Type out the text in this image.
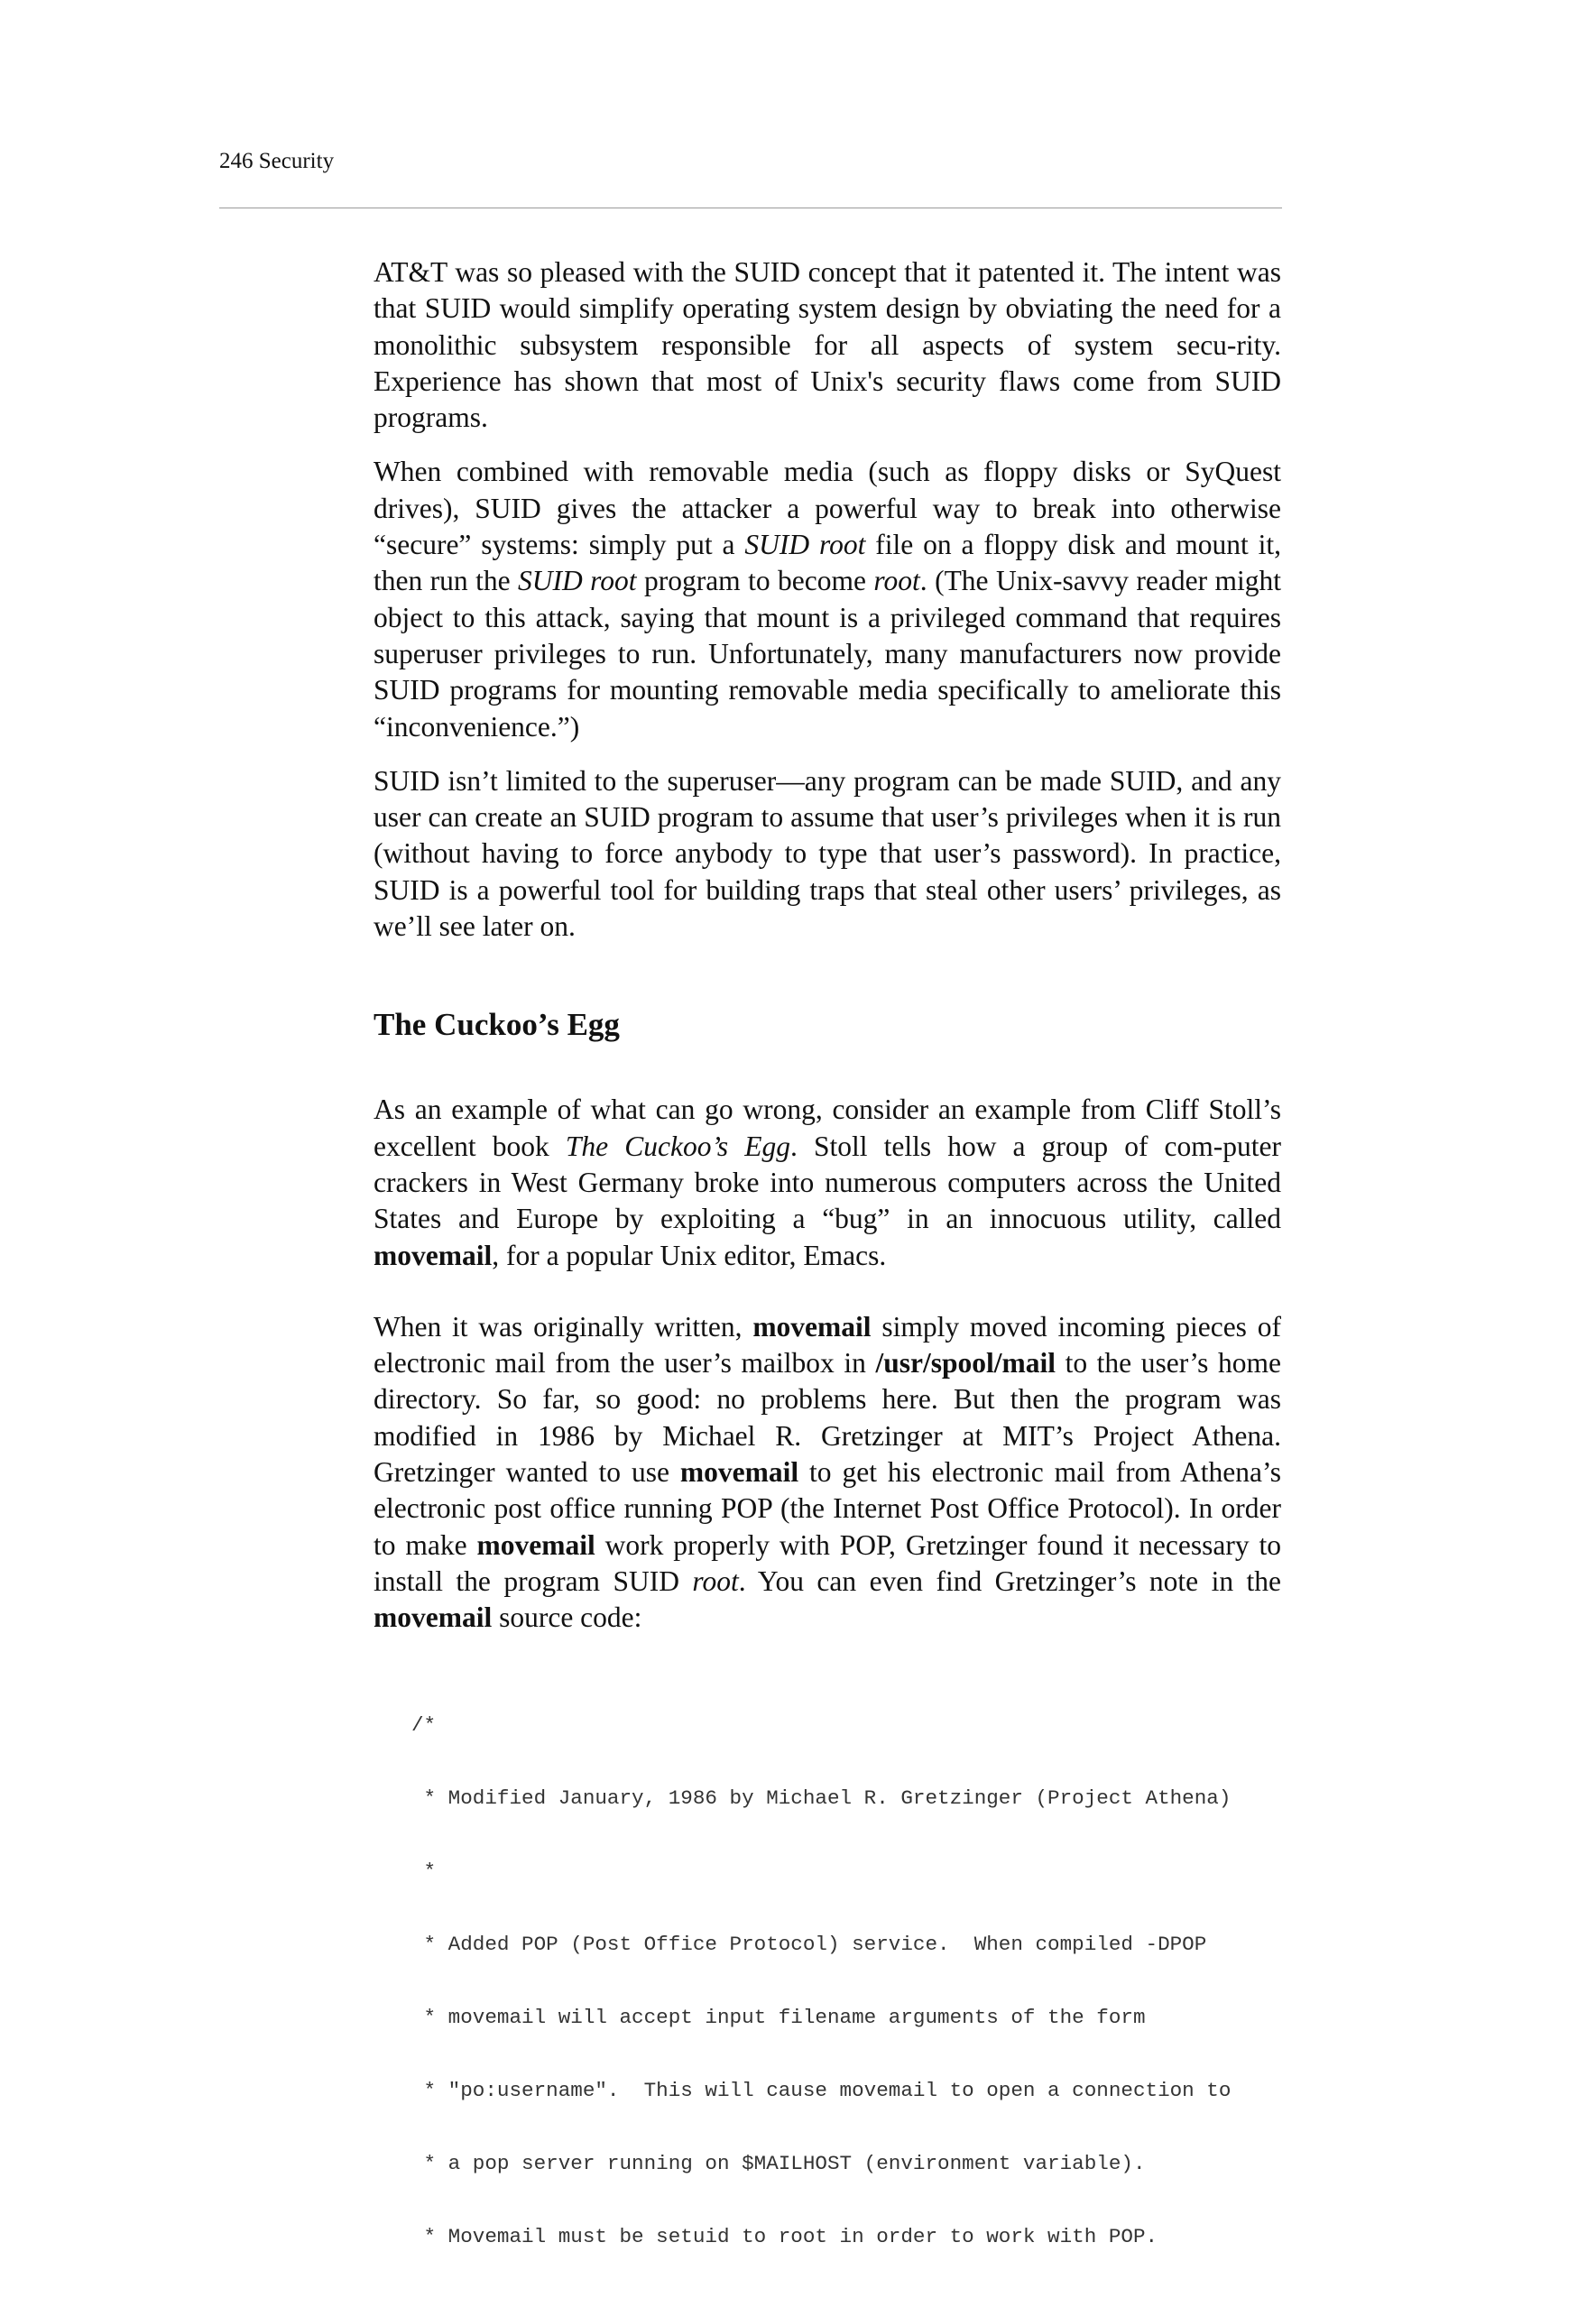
246 Security

AT&T was so pleased with the SUID concept that it patented it. The intent was that SUID would simplify operating system design by obviating the need for a monolithic subsystem responsible for all aspects of system secu-rity. Experience has shown that most of Unix's security flaws come from SUID programs.

When combined with removable media (such as floppy disks or SyQuest drives), SUID gives the attacker a powerful way to break into otherwise “secure” systems: simply put a SUID root file on a floppy disk and mount it, then run the SUID root program to become root. (The Unix-savvy reader might object to this attack, saying that mount is a privileged command that requires superuser privileges to run. Unfortunately, many manufacturers now provide SUID programs for mounting removable media specifically to ameliorate this “inconvenience.”)

SUID isn’t limited to the superuser—any program can be made SUID, and any user can create an SUID program to assume that user’s privileges when it is run (without having to force anybody to type that user’s password). In practice, SUID is a powerful tool for building traps that steal other users’ privileges, as we’ll see later on.

The Cuckoo’s Egg

As an example of what can go wrong, consider an example from Cliff Stoll’s excellent book The Cuckoo’s Egg. Stoll tells how a group of com-puter crackers in West Germany broke into numerous computers across the United States and Europe by exploiting a “bug” in an innocuous utility, called movemail, for a popular Unix editor, Emacs.

When it was originally written, movemail simply moved incoming pieces of electronic mail from the user’s mailbox in /usr/spool/mail to the user’s home directory. So far, so good: no problems here. But then the program was modified in 1986 by Michael R. Gretzinger at MIT’s Project Athena. Gretzinger wanted to use movemail to get his electronic mail from Athena’s electronic post office running POP (the Internet Post Office Protocol). In order to make movemail work properly with POP, Gretzinger found it necessary to install the program SUID root. You can even find Gretzinger’s note in the movemail source code:

/*

* Modified January, 1986 by Michael R. Gretzinger (Project Athena)

*

* Added POP (Post Office Protocol) service.  When compiled -DPOP

* movemail will accept input filename arguments of the form

* "po:username".  This will cause movemail to open a connection to

* a pop server running on $MAILHOST (environment variable).

* Movemail must be setuid to root in order to work with POP.
